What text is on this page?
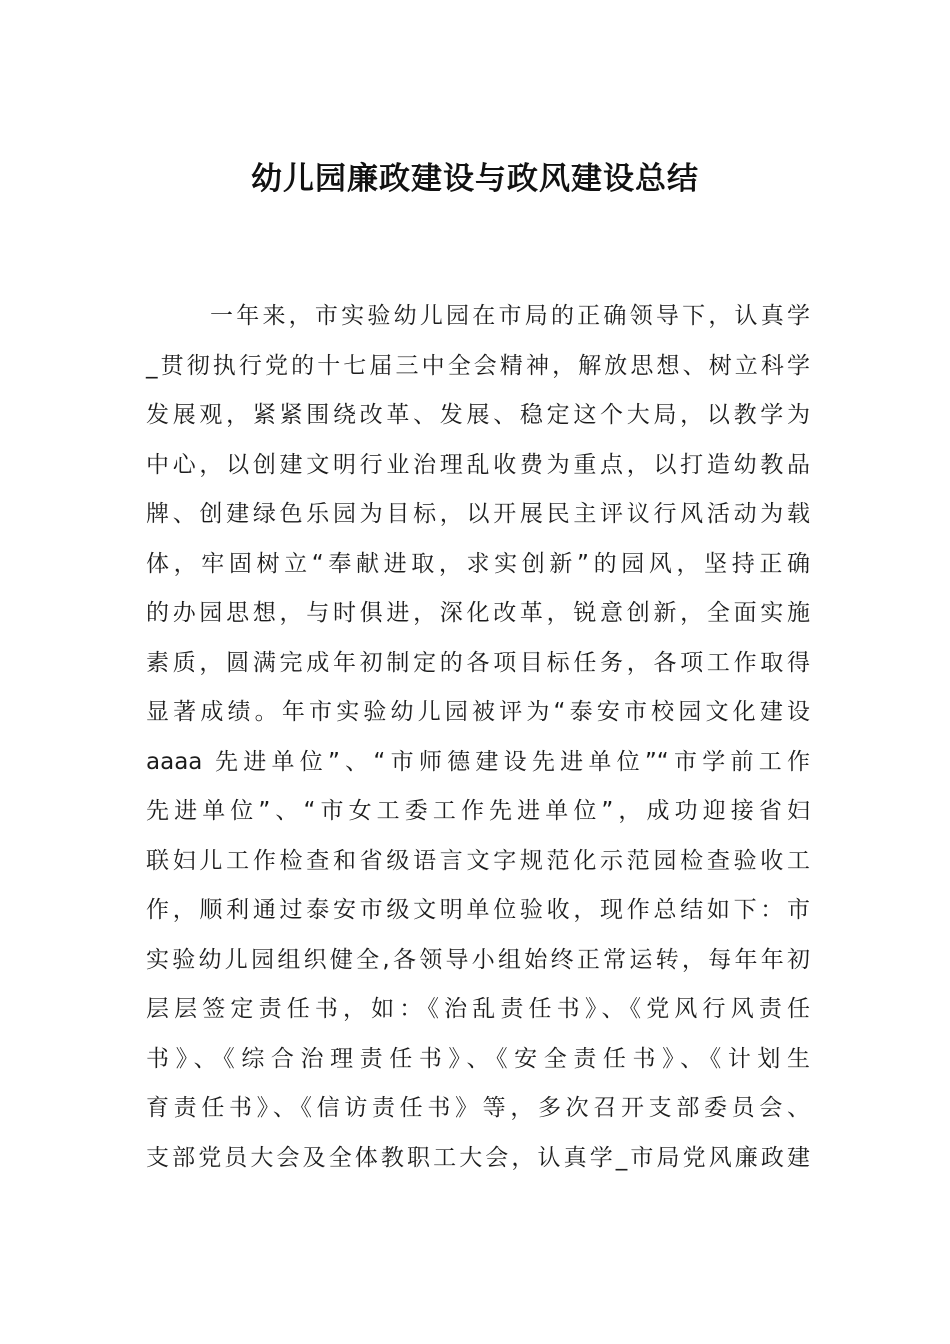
幼儿园廉政建设与政风建设总结
一年来，市实验幼儿园在市局的正确领导下，认真学
_贯彻执行党的十七届三中全会精神，解放思想、树立科学
发展观，紧紧围绕改革、发展、稳定这个大局，以教学为
中心，以创建文明行业治理乱收费为重点，以打造幼教品
牌、创建绿色乐园为目标，以开展民主评议行风活动为载
体，牢固树立“奉献进取，求实创新”的园风，坚持正确
的办园思想，与时俱进，深化改革，锐意创新，全面实施
素质，圆满完成年初制定的各项目标任务，各项工作取得
显著成绩。年市实验幼儿园被评为“泰安市校园文化建设
aaaa 先进单位”、“市师德建设先进单位”“市学前工作
先进单位”、“市女工委工作先进单位”，成功迎接省妇
联妇儿工作检查和省级语言文字规范化示范园检查验收工
作，顺利通过泰安市级文明单位验收，现作总结如下：市
实验幼儿园组织健全,各领导小组始终正常运转，每年年初
层层签定责任书，如：《治乱责任书》、《党风行风责任
书》、《综合治理责任书》、《安全责任书》、《计划生
育责任书》、《信访责任书》等，多次召开支部委员会、
支部党员大会及全体教职工大会，认真学_市局党风廉政建
